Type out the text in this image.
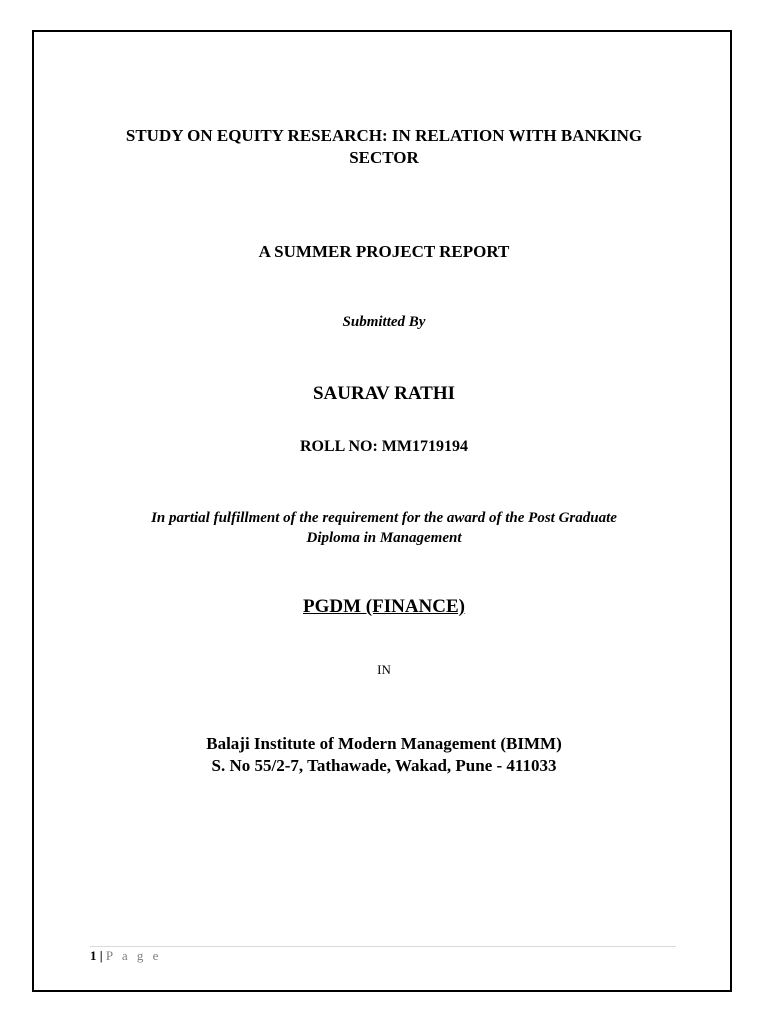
STUDY ON EQUITY RESEARCH: IN RELATION WITH BANKING
SECTOR

A SUMMER PROJECT REPORT

Submitted By

SAURAV RATHI

ROLL NO: MM1719194

In partial fulfillment of the requirement for the award of the Post Graduate
Diploma in Management

PGDM (FINANCE)

IN

Balaji Institute of Modern Management (BIMM)
S. No 55/2-7, Tathawade, Wakad, Pune - 411033
1 | P a g e
